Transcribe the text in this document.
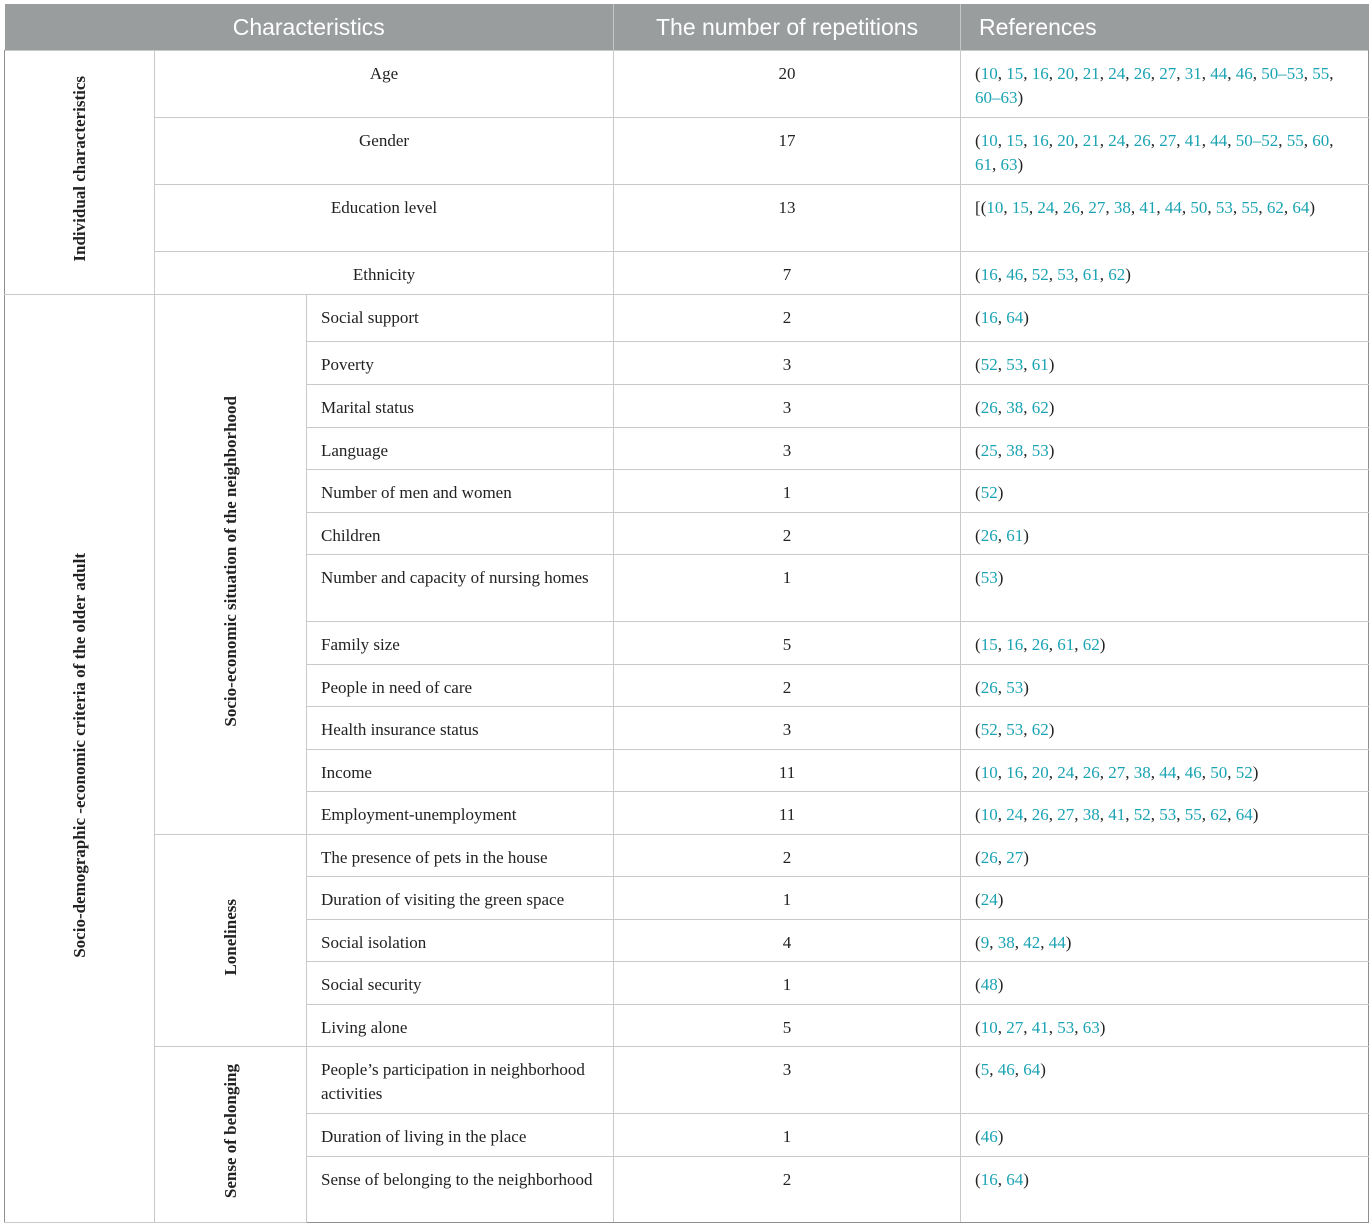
Characteristics			The number of repetitions	References
Individual characteristics	Age		20	(10, 15, 16, 20, 21, 24, 26, 27, 31, 44, 46, 50–53, 55, 60–63)
	Gender		17	(10, 15, 16, 20, 21, 24, 26, 27, 41, 44, 50–52, 55, 60, 61, 63)
	Education level		13	[(10, 15, 24, 26, 27, 38, 41, 44, 50, 53, 55, 62, 64)
	Ethnicity		7	(16, 46, 52, 53, 61, 62)
Socio-demographic -economic criteria of the older adult	Socio-economic situation of the neighborhood	Social support	2	(16, 64)
		Poverty	3	(52, 53, 61)
		Marital status	3	(26, 38, 62)
		Language	3	(25, 38, 53)
		Number of men and women	1	(52)
		Children	2	(26, 61)
		Number and capacity of nursing homes	1	(53)
		Family size	5	(15, 16, 26, 61, 62)
		People in need of care	2	(26, 53)
		Health insurance status	3	(52, 53, 62)
		Income	11	(10, 16, 20, 24, 26, 27, 38, 44, 46, 50, 52)
		Employment-unemployment	11	(10, 24, 26, 27, 38, 41, 52, 53, 55, 62, 64)
	Loneliness	The presence of pets in the house	2	(26, 27)
		Duration of visiting the green space	1	(24)
		Social isolation	4	(9, 38, 42, 44)
		Social security	1	(48)
		Living alone	5	(10, 27, 41, 53, 63)
	Sense of belonging	People’s participation in neighborhood activities	3	(5, 46, 64)
		Duration of living in the place	1	(46)
		Sense of belonging to the neighborhood	2	(16, 64)
